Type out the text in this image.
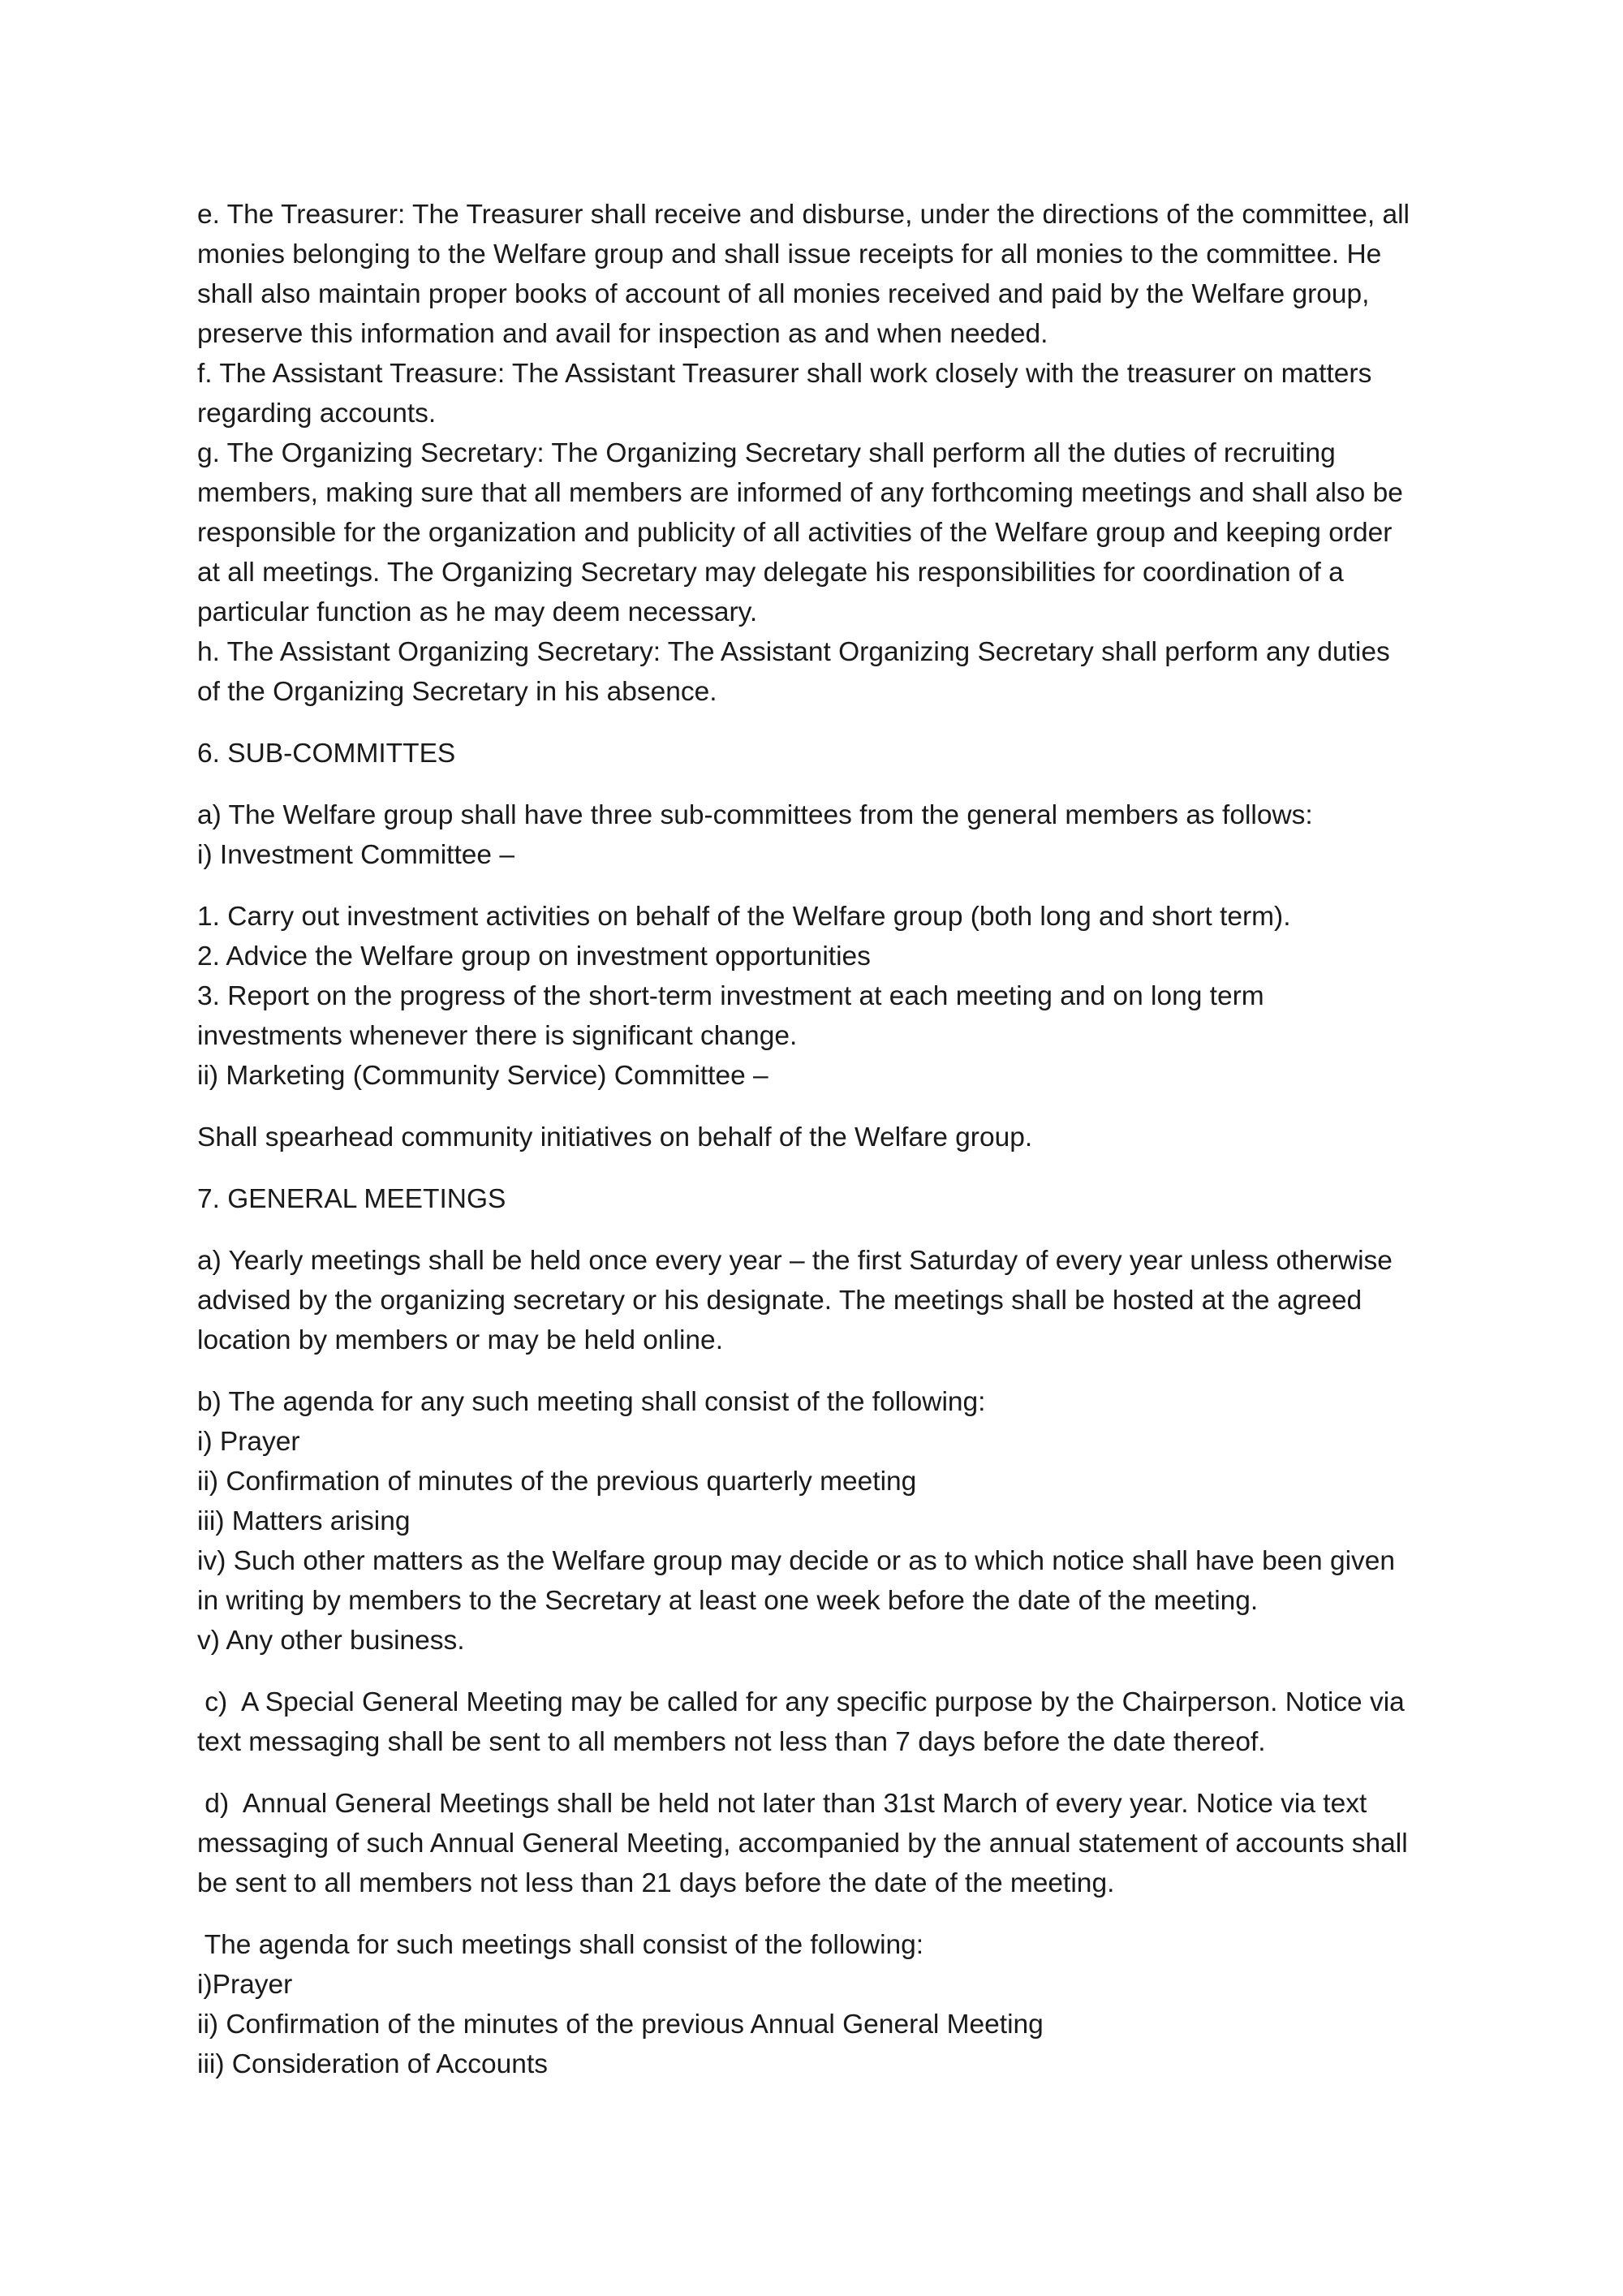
e. The Treasurer: The Treasurer shall receive and disburse, under the directions of the committee, all
monies belonging to the Welfare group and shall issue receipts for all monies to the committee. He
shall also maintain proper books of account of all monies received and paid by the Welfare group,
preserve this information and avail for inspection as and when needed.
f. The Assistant Treasure: The Assistant Treasurer shall work closely with the treasurer on matters
regarding accounts.
g. The Organizing Secretary: The Organizing Secretary shall perform all the duties of recruiting
members, making sure that all members are informed of any forthcoming meetings and shall also be
responsible for the organization and publicity of all activities of the Welfare group and keeping order
at all meetings. The Organizing Secretary may delegate his responsibilities for coordination of a
particular function as he may deem necessary.
h. The Assistant Organizing Secretary: The Assistant Organizing Secretary shall perform any duties
of the Organizing Secretary in his absence.
6. SUB-COMMITTES
a) The Welfare group shall have three sub-committees from the general members as follows:
i) Investment Committee –
1. Carry out investment activities on behalf of the Welfare group (both long and short term).
2. Advice the Welfare group on investment opportunities
3. Report on the progress of the short-term investment at each meeting and on long term
investments whenever there is significant change.
ii) Marketing (Community Service) Committee –
Shall spearhead community initiatives on behalf of the Welfare group.
7. GENERAL MEETINGS
a) Yearly meetings shall be held once every year – the first Saturday of every year unless otherwise
advised by the organizing secretary or his designate. The meetings shall be hosted at the agreed
location by members or may be held online.
b) The agenda for any such meeting shall consist of the following:
i) Prayer
ii) Confirmation of minutes of the previous quarterly meeting
iii) Matters arising
iv) Such other matters as the Welfare group may decide or as to which notice shall have been given
in writing by members to the Secretary at least one week before the date of the meeting.
v) Any other business.
c)  A Special General Meeting may be called for any specific purpose by the Chairperson. Notice via
text messaging shall be sent to all members not less than 7 days before the date thereof.
d)  Annual General Meetings shall be held not later than 31st March of every year. Notice via text
messaging of such Annual General Meeting, accompanied by the annual statement of accounts shall
be sent to all members not less than 21 days before the date of the meeting.
The agenda for such meetings shall consist of the following:
i)Prayer
ii) Confirmation of the minutes of the previous Annual General Meeting
iii) Consideration of Accounts
